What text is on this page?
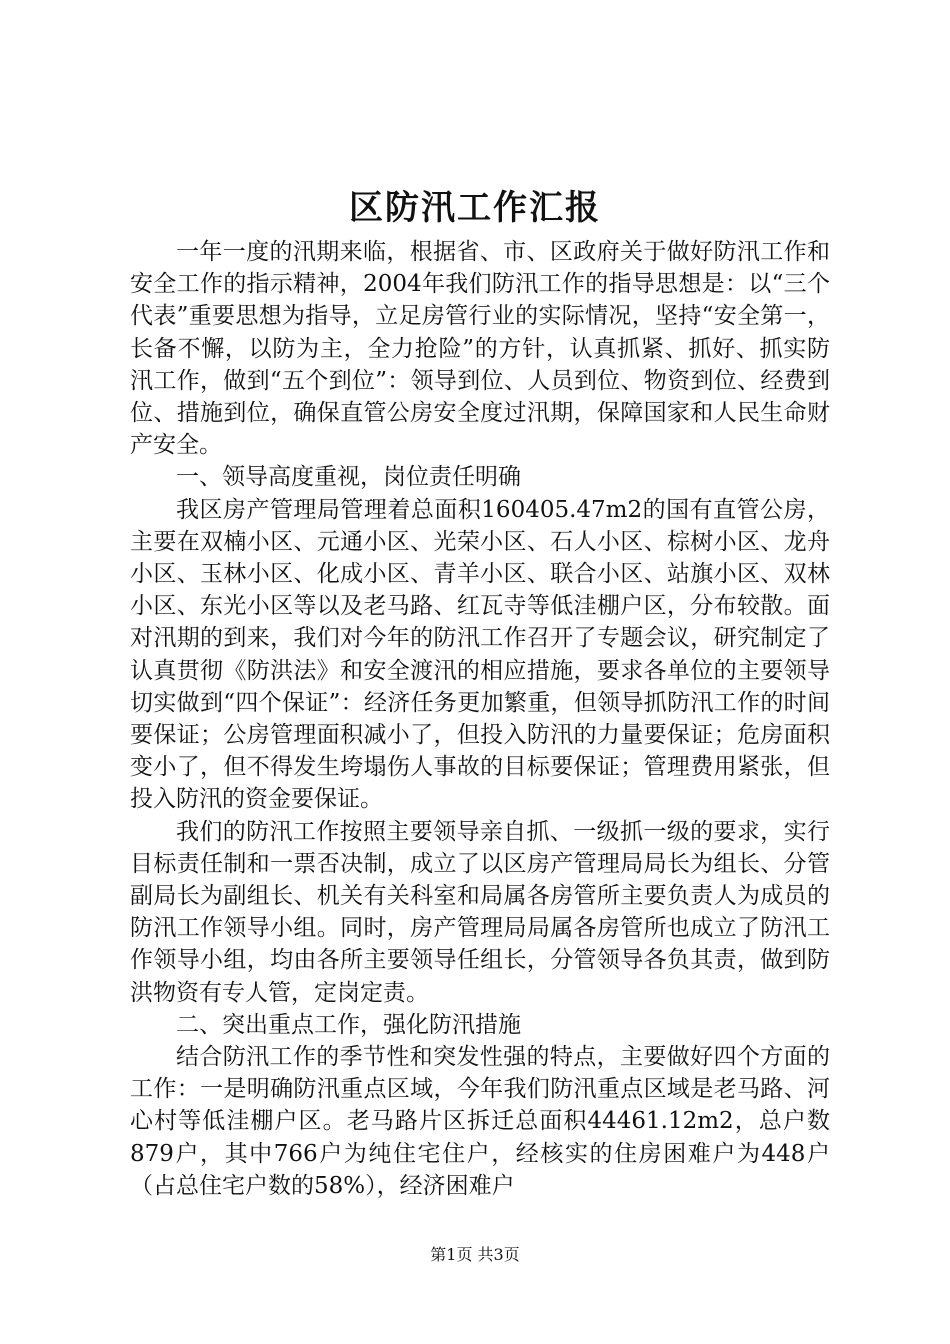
区防汛工作汇报

一年一度的汛期来临，根据省、市、区政府关于做好防汛工作和安全工作的指示精神，2004年我们防汛工作的指导思想是：以“三个代表”重要思想为指导，立足房管行业的实际情况，坚持“安全第一，长备不懈，以防为主，全力抢险”的方针，认真抓紧、抓好、抓实防汛工作，做到“五个到位”：领导到位、人员到位、物资到位、经费到位、措施到位，确保直管公房安全度过汛期，保障国家和人民生命财产安全。

一、领导高度重视，岗位责任明确

我区房产管理局管理着总面积160405.47m2的国有直管公房，主要在双楠小区、元通小区、光荣小区、石人小区、棕树小区、龙舟小区、玉林小区、化成小区、青羊小区、联合小区、站旗小区、双林小区、东光小区等以及老马路、红瓦寺等低洼棚户区，分布较散。面对汛期的到来，我们对今年的防汛工作召开了专题会议，研究制定了认真贯彻《防洪法》和安全渡汛的相应措施，要求各单位的主要领导切实做到“四个保证”：经济任务更加繁重，但领导抓防汛工作的时间要保证；公房管理面积减小了，但投入防汛的力量要保证；危房面积变小了，但不得发生垮塌伤人事故的目标要保证；管理费用紧张，但投入防汛的资金要保证。

我们的防汛工作按照主要领导亲自抓、一级抓一级的要求，实行目标责任制和一票否决制，成立了以区房产管理局局长为组长、分管副局长为副组长、机关有关科室和局属各房管所主要负责人为成员的防汛工作领导小组。同时，房产管理局局属各房管所也成立了防汛工作领导小组，均由各所主要领导任组长，分管领导各负其责，做到防洪物资有专人管，定岗定责。

二、突出重点工作，强化防汛措施

结合防汛工作的季节性和突发性强的特点，主要做好四个方面的工作：一是明确防汛重点区域，今年我们防汛重点区域是老马路、河心村等低洼棚户区。老马路片区拆迁总面积44461.12m2，总户数879户，其中766户为纯住宅住户，经核实的住房困难户为448户（占总住宅户数的58%），经济困难户

第1页 共3页
